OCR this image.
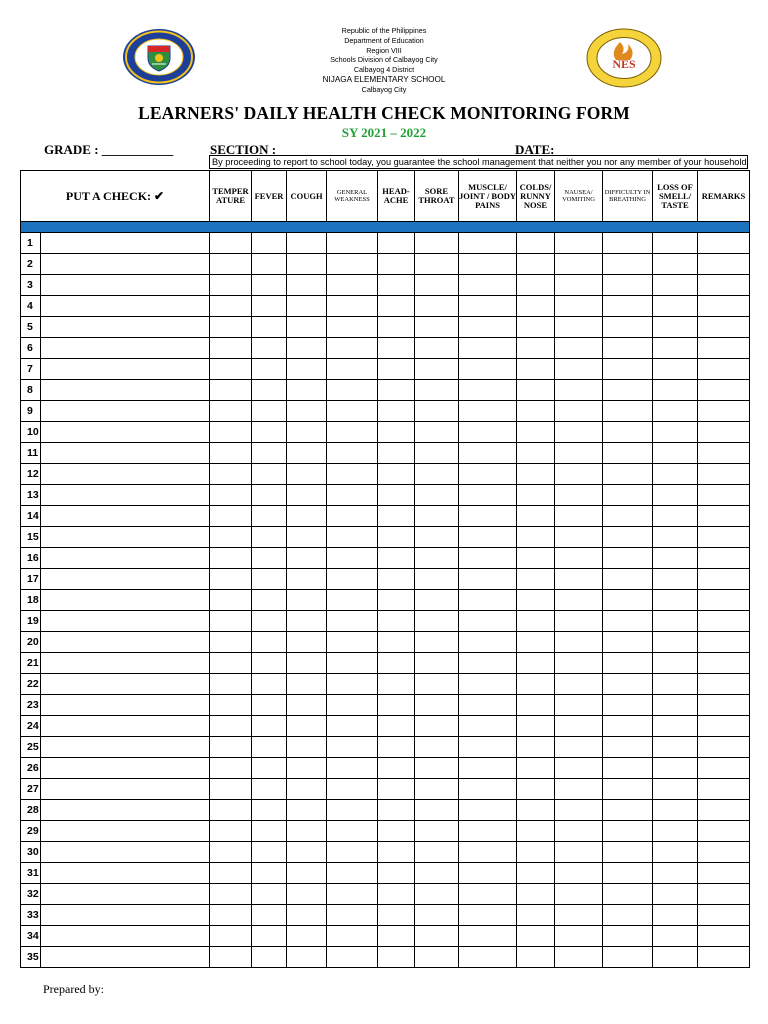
NES
Republic of the Philippines
Department of Education
Region VIII
Schools Division of Calbayog City
Calbayog 4 District
NIJAGA ELEMENTARY SCHOOL
Calbayog City
LEARNERS' DAILY HEALTH CHECK MONITORING FORM
SY 2021 – 2022
GRADE : ___________	SECTION : ____________________________________ DATE: ______________________
By proceeding to report to school today, you guarantee the school management that neither you nor any member of your household
PUT A CHECK: ✔		TEMPER ATURE	FEVER	COUGH	GENERAL WEAKNESS	HEAD- ACHE	SORE THROAT	MUSCLE/ JOINT / BODY PAINS	COLDS/ RUNNY NOSE	NAUSEA/ VOMITING	DIFFICULTY IN BREATHING	LOSS OF SMELL/ TASTE	REMARKS

1													
2													
3													
4													
5													
6													
7													
8													
9													
10													
11													
12													
13													
14													
15													
16													
17													
18													
19													
20													
21													
22													
23													
24													
25													
26													
27													
28													
29													
30													
31													
32													
33													
34													
35													
Prepared by:
